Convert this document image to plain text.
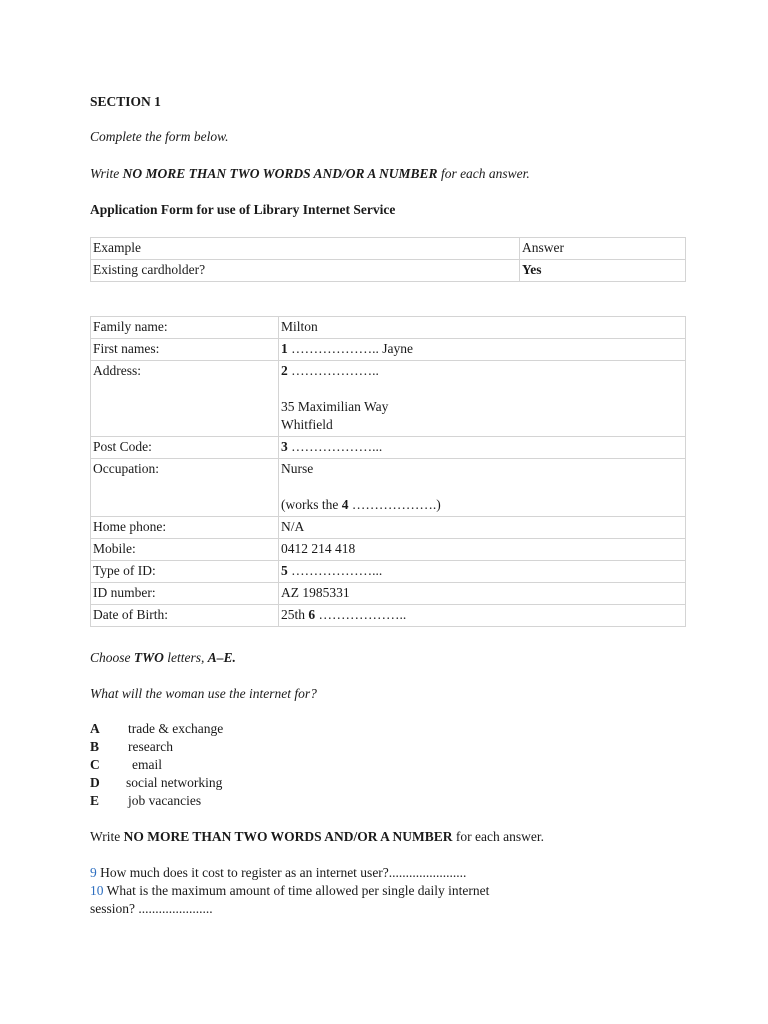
SECTION 1
Complete the form below.
Write NO MORE THAN TWO WORDS AND/OR A NUMBER for each answer.
Application Form for use of Library Internet Service
Example	Answer
Existing cardholder?	Yes
Family name:	Milton
First names:	1 ……………….. Jayne
Address:	2 ………………..
35 Maximilian Way
Whitfield

Post Code:	3 ………………...
Occupation:	Nurse
(works the 4 ……………….)

Home phone:	N/A
Mobile:	0412 214 418
Type of ID:	5 ………………...
ID number:	AZ 1985331
Date of Birth:	25th 6 ………………..
Choose TWO letters, A–E.
What will the woman use the internet for?
A trade & exchange
B research
C email
D social networking
E job vacancies
Write NO MORE THAN TWO WORDS AND/OR A NUMBER for each answer.
9 How much does it cost to register as an internet user?.......................
10 What is the maximum amount of time allowed per single daily internet
session? ......................
